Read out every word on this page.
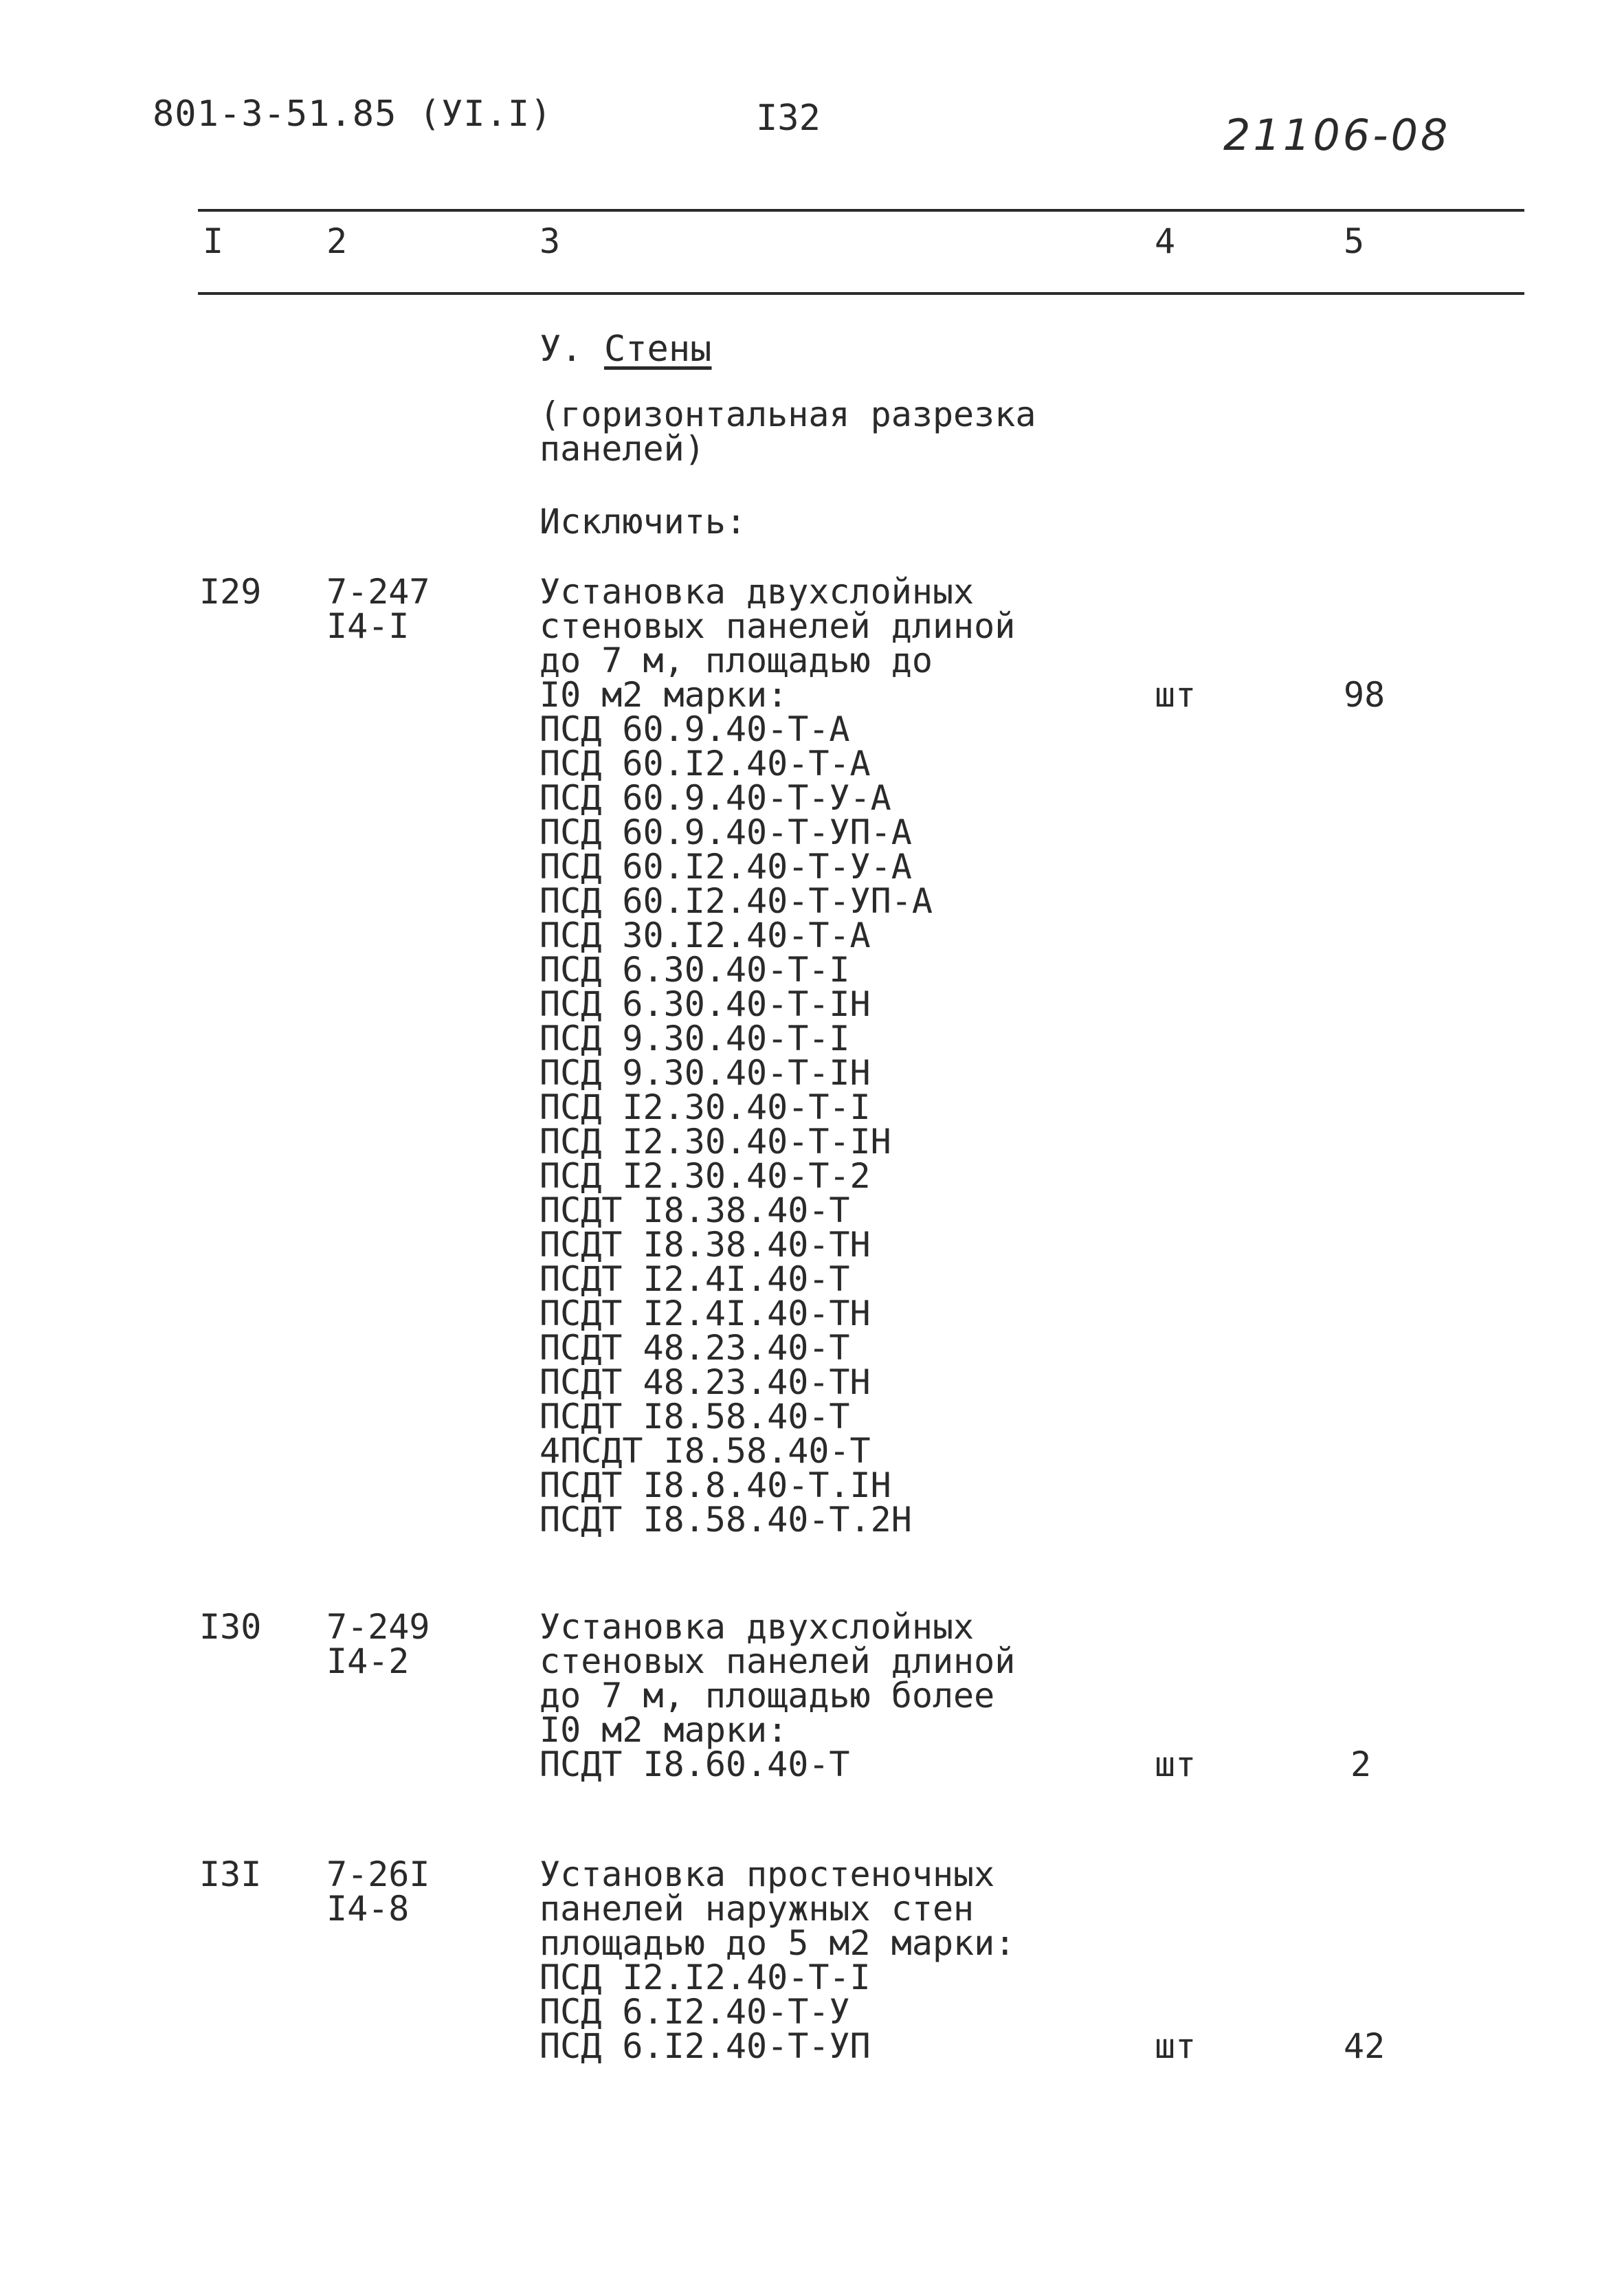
801-3-51.85 (УI.I)	I32	21106-08
I	2	3	4	5
У. Стены
(горизонтальная разрезка
панелей)
Исключить:
I29 7-247
I4-I
Установка двухслойных
стеновых панелей длиной
до 7 м, площадью до
I0 м2 марки:
ПСД 60.9.40-Т-А
ПСД 60.I2.40-Т-А
ПСД 60.9.40-Т-У-А
ПСД 60.9.40-Т-УП-А
ПСД 60.I2.40-Т-У-А
ПСД 60.I2.40-Т-УП-А
ПСД 30.I2.40-Т-А
ПСД 6.30.40-Т-I
ПСД 6.30.40-Т-IН
ПСД 9.30.40-Т-I
ПСД 9.30.40-Т-IН
ПСД I2.30.40-Т-I
ПСД I2.30.40-Т-IН
ПСД I2.30.40-Т-2
ПСДТ I8.38.40-Т
ПСДТ I8.38.40-ТН
ПСДТ I2.4I.40-Т
ПСДТ I2.4I.40-ТН
ПСДТ 48.23.40-Т
ПСДТ 48.23.40-ТН
ПСДТ I8.58.40-Т
4ПСДТ I8.58.40-Т
ПСДТ I8.8.40-Т.IН
ПСДТ I8.58.40-Т.2Н
шт	98
I30 7-249
I4-2
Установка двухслойных
стеновых панелей длиной
до 7 м, площадью более
I0 м2 марки:
ПСДТ I8.60.40-Т	шт	2
I3I 7-26I
I4-8
Установка простеночных
панелей наружных стен
площадью до 5 м2 марки:
ПСД I2.I2.40-Т-I
ПСД 6.I2.40-Т-У
ПСД 6.I2.40-Т-УП	шт	42
